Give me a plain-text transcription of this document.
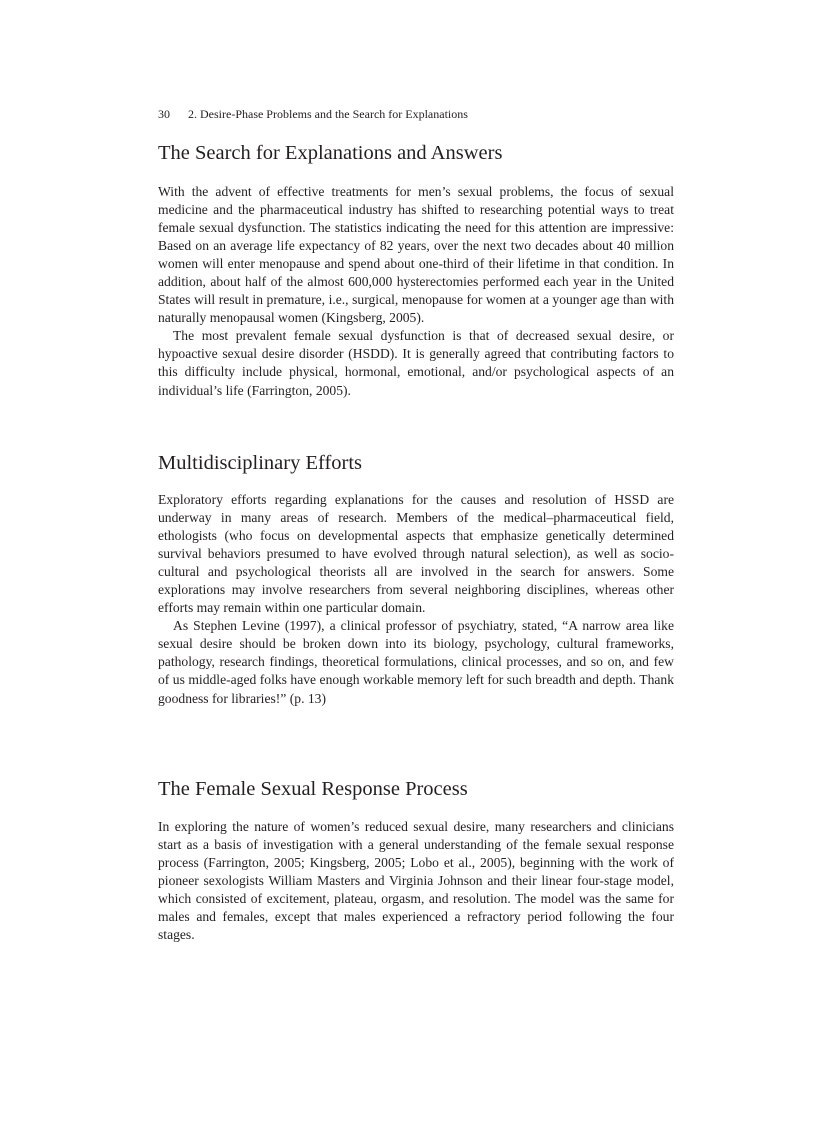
30 2. Desire-Phase Problems and the Search for Explanations
The Search for Explanations and Answers

With the advent of effective treatments for men’s sexual problems, the focus of sexual medicine and the pharmaceutical industry has shifted to researching potential ways to treat female sexual dysfunction. The statistics indicating the need for this attention are impressive: Based on an average life expectancy of 82 years, over the next two decades about 40 million women will enter menopause and spend about one-third of their lifetime in that condition. In addition, about half of the almost 600,000 hysterectomies performed each year in the United States will result in premature, i.e., surgical, menopause for women at a younger age than with naturally menopausal women (Kingsberg, 2005).

The most prevalent female sexual dysfunction is that of decreased sexual desire, or hypoactive sexual desire disorder (HSDD). It is generally agreed that contributing factors to this difficulty include physical, hormonal, emotional, and/or psychological aspects of an individual’s life (Farrington, 2005).

Multidisciplinary Efforts

Exploratory efforts regarding explanations for the causes and resolution of HSSD are underway in many areas of research. Members of the medical–pharmaceutical field, ethologists (who focus on developmental aspects that emphasize genetically determined survival behaviors presumed to have evolved through natural selection), as well as socio-cultural and psychological theorists all are involved in the search for answers. Some explorations may involve researchers from several neighboring disciplines, whereas other efforts may remain within one particular domain.

As Stephen Levine (1997), a clinical professor of psychiatry, stated, “A narrow area like sexual desire should be broken down into its biology, psychology, cultural frameworks, pathology, research findings, theoretical formulations, clinical processes, and so on, and few of us middle-aged folks have enough workable memory left for such breadth and depth. Thank goodness for libraries!” (p. 13)

The Female Sexual Response Process

In exploring the nature of women’s reduced sexual desire, many researchers and clinicians start as a basis of investigation with a general understanding of the female sexual response process (Farrington, 2005; Kingsberg, 2005; Lobo et al., 2005), beginning with the work of pioneer sexologists William Masters and Virginia Johnson and their linear four-stage model, which consisted of excitement, plateau, orgasm, and resolution. The model was the same for males and females, except that males experienced a refractory period following the four stages.
